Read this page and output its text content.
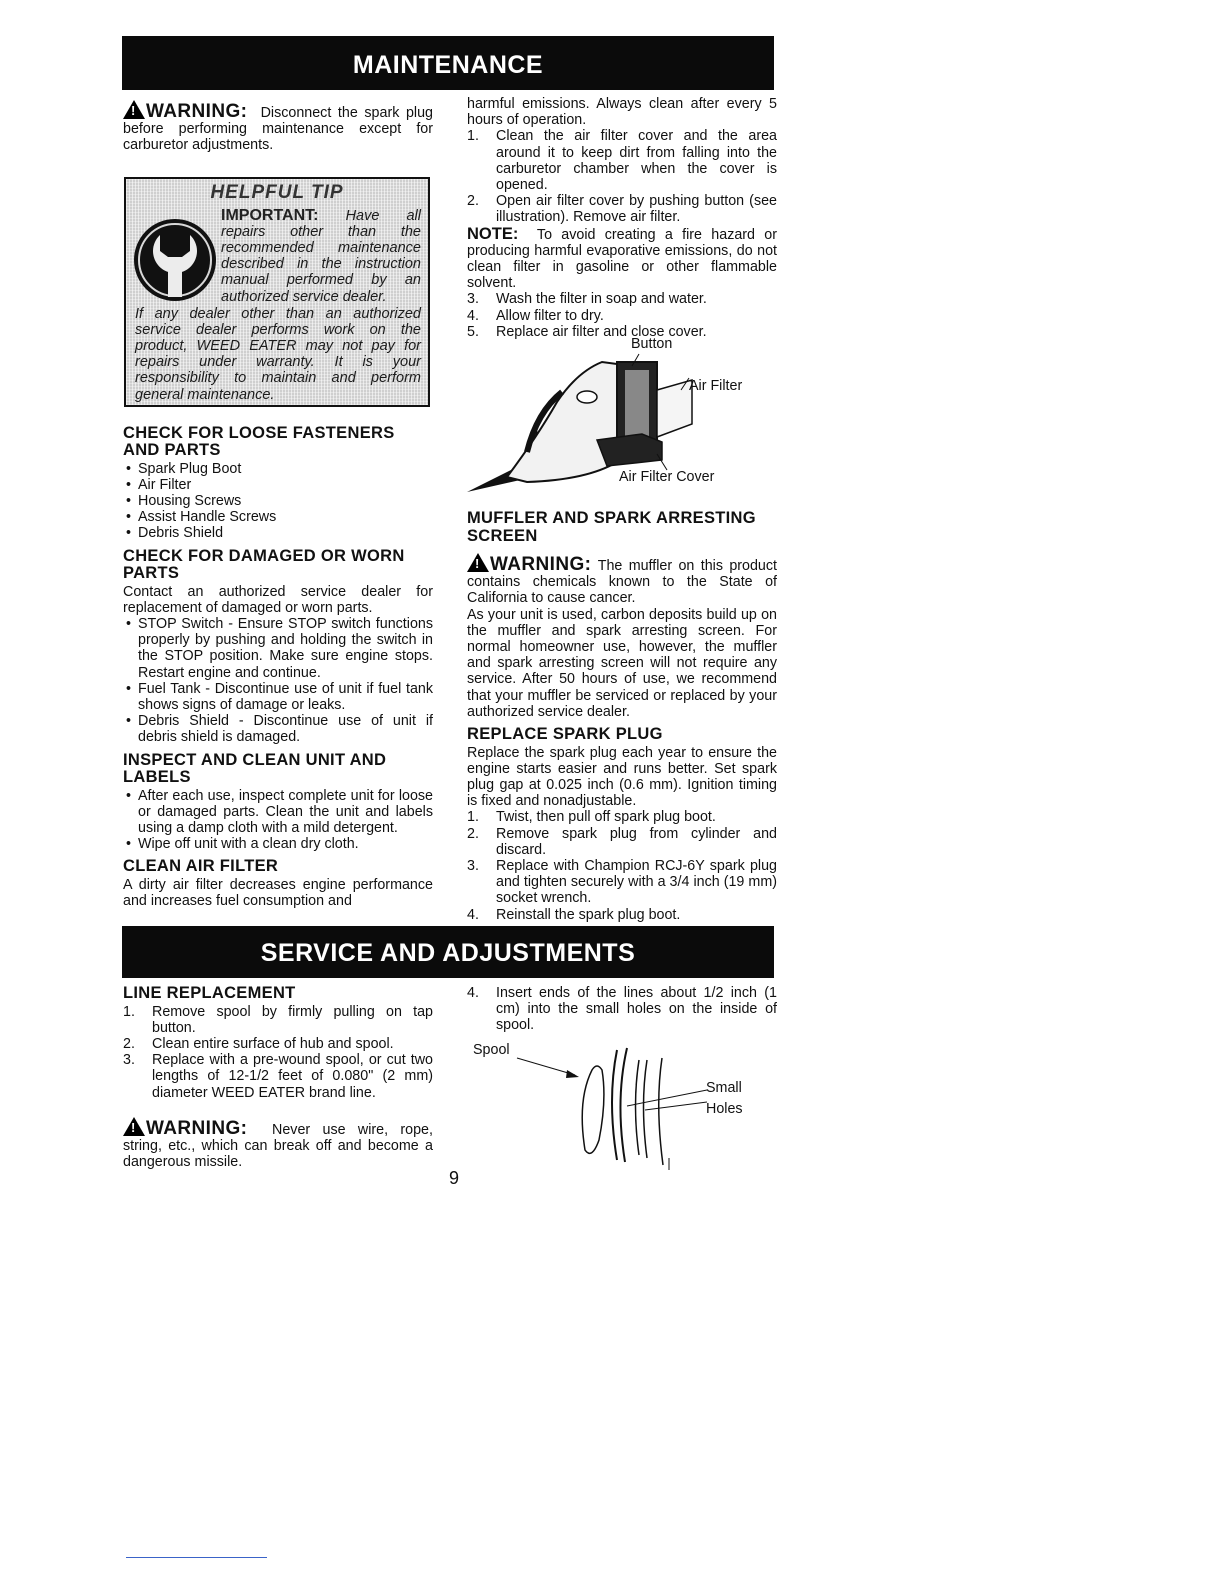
MAINTENANCE

!WARNING: Disconnect the spark plug before performing maintenance except for carburetor adjustments.

HELPFUL TIP
IMPORTANT: Have all repairs other than the recommended maintenance described in the instruction manual performed by an authorized service dealer.
If any dealer other than an authorized service dealer performs work on the product, WEED EATER may not pay for repairs under warranty. It is your responsibility to maintain and perform general maintenance.
CHECK FOR LOOSE FASTENERS AND PARTS
• Spark Plug Boot
• Air Filter
• Housing Screws
• Assist Handle Screws
• Debris Shield
CHECK FOR DAMAGED OR WORN PARTS

Contact an authorized service dealer for replacement of damaged or worn parts.

• STOP Switch - Ensure STOP switch functions properly by pushing and holding the switch in the STOP position. Make sure engine stops. Restart engine and continue.
• Fuel Tank - Discontinue use of unit if fuel tank shows signs of damage or leaks.
• Debris Shield - Discontinue use of unit if debris shield is damaged.
INSPECT AND CLEAN UNIT AND LABELS
• After each use, inspect complete unit for loose or damaged parts. Clean the unit and labels using a damp cloth with a mild detergent.
• Wipe off unit with a clean dry cloth.
CLEAN AIR FILTER

A dirty air filter decreases engine performance and increases fuel consumption and

harmful emissions. Always clean after every 5 hours of operation.

1. Clean the air filter cover and the area around it to keep dirt from falling into the carburetor chamber when the cover is opened.
2. Open air filter cover by pushing button (see illustration). Remove air filter.

NOTE: To avoid creating a fire hazard or producing harmful evaporative emissions, do not clean filter in gasoline or other flammable solvent.

3. Wash the filter in soap and water.
4. Allow filter to dry.
5. Replace air filter and close cover.
Button
Air Filter
Air Filter Cover
MUFFLER AND SPARK ARRESTING SCREEN

!WARNING: The muffler on this product contains chemicals known to the State of California to cause cancer.

As your unit is used, carbon deposits build up on the muffler and spark arresting screen. For normal homeowner use, however, the muffler and spark arresting screen will not require any service. After 50 hours of use, we recommend that your muffler be serviced or replaced by your authorized service dealer.

REPLACE SPARK PLUG

Replace the spark plug each year to ensure the engine starts easier and runs better. Set spark plug gap at 0.025 inch (0.6 mm). Ignition timing is fixed and nonadjustable.

1. Twist, then pull off spark plug boot.
2. Remove spark plug from cylinder and discard.
3. Replace with Champion RCJ-6Y spark plug and tighten securely with a 3/4 inch (19 mm) socket wrench.
4. Reinstall the spark plug boot.
SERVICE AND ADJUSTMENTS
LINE REPLACEMENT
1. Remove spool by firmly pulling on tap button.
2. Clean entire surface of hub and spool.
3. Replace with a pre-wound spool, or cut two lengths of 12-1/2 feet of 0.080" (2 mm) diameter WEED EATER brand line.

!WARNING: Never use wire, rope, string, etc., which can break off and become a dangerous missile.

4. Insert ends of the lines about 1/2 inch (1 cm) into the small holes on the inside of spool.
Spool
Small
Holes
9
